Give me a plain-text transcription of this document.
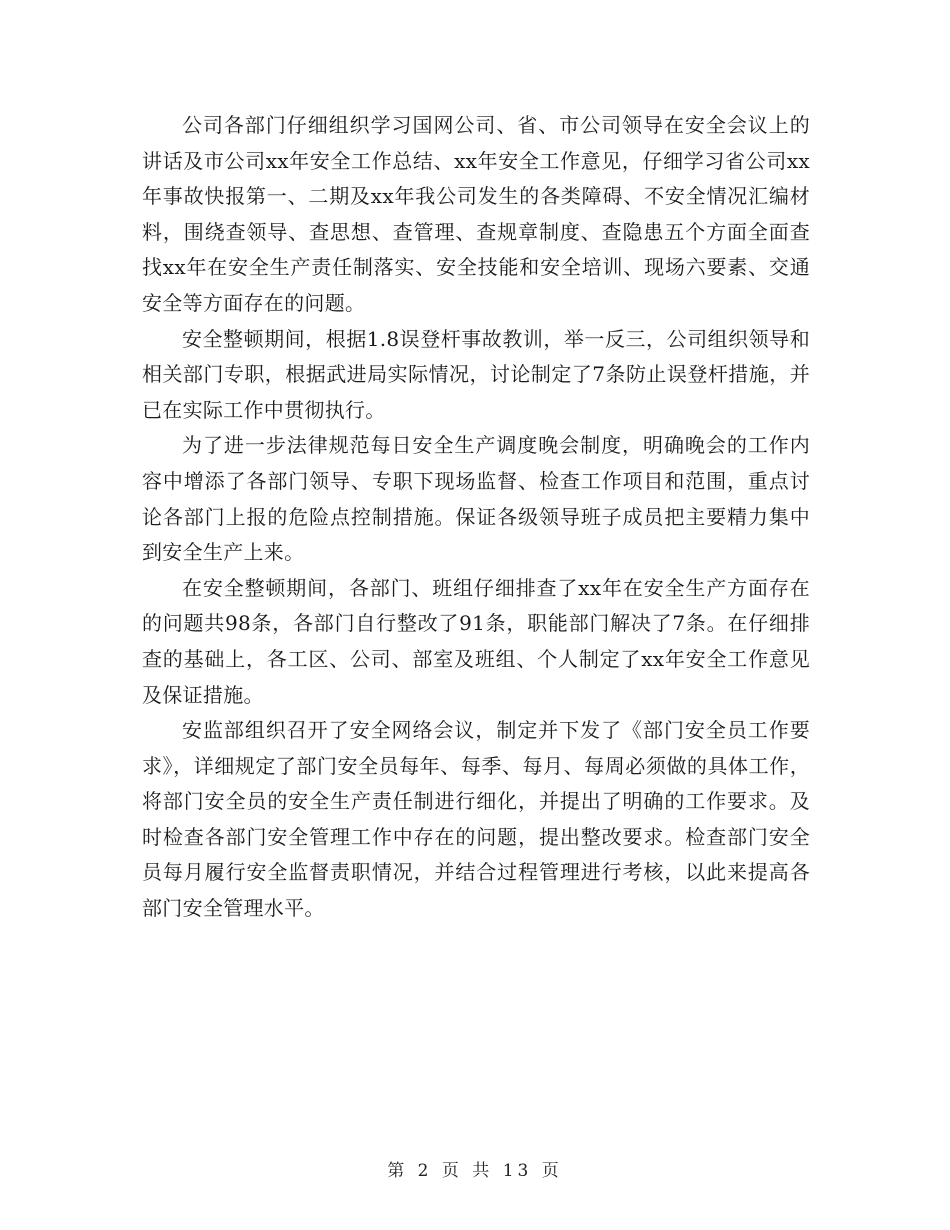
公司各部门仔细组织学习国网公司、省、市公司领导在安全会议上的讲话及市公司xx年安全工作总结、xx年安全工作意见，仔细学习省公司xx年事故快报第一、二期及xx年我公司发生的各类障碍、不安全情况汇编材料，围绕查领导、查思想、查管理、查规章制度、查隐患五个方面全面查找xx年在安全生产责任制落实、安全技能和安全培训、现场六要素、交通安全等方面存在的问题。

安全整顿期间，根据1.8误登杆事故教训，举一反三，公司组织领导和相关部门专职，根据武进局实际情况，讨论制定了7条防止误登杆措施，并已在实际工作中贯彻执行。

为了进一步法律规范每日安全生产调度晚会制度，明确晚会的工作内容中增添了各部门领导、专职下现场监督、检查工作项目和范围，重点讨论各部门上报的危险点控制措施。保证各级领导班子成员把主要精力集中到安全生产上来。

在安全整顿期间，各部门、班组仔细排查了xx年在安全生产方面存在的问题共98条，各部门自行整改了91条，职能部门解决了7条。在仔细排查的基础上，各工区、公司、部室及班组、个人制定了xx年安全工作意见及保证措施。

安监部组织召开了安全网络会议，制定并下发了《部门安全员工作要求》，详细规定了部门安全员每年、每季、每月、每周必须做的具体工作，将部门安全员的安全生产责任制进行细化，并提出了明确的工作要求。及时检查各部门安全管理工作中存在的问题，提出整改要求。检查部门安全员每月履行安全监督责职情况，并结合过程管理进行考核，以此来提高各部门安全管理水平。

第 2 页 共 13 页
